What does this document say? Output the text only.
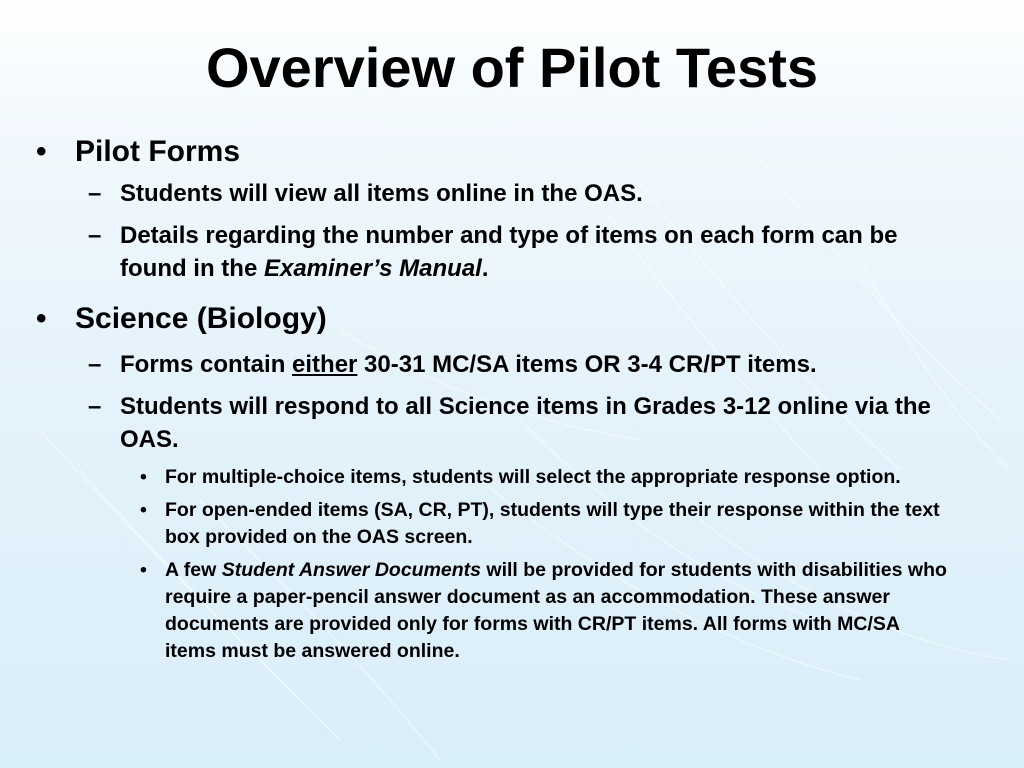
Overview of Pilot Tests
• Pilot Forms
– Students will view all items online in the OAS.
– Details regarding the number and type of items on each form can be found in the Examiner’s Manual.
• Science (Biology)
– Forms contain either 30-31 MC/SA items OR 3-4 CR/PT items.
– Students will respond to all Science items in Grades 3-12 online via the OAS.
• For multiple-choice items, students will select the appropriate response option.
• For open-ended items (SA, CR, PT), students will type their response within the text box provided on the OAS screen.
• A few Student Answer Documents will be provided for students with disabilities who require a paper-pencil answer document as an accommodation. These answer documents are provided only for forms with CR/PT items. All forms with MC/SA items must be answered online.
